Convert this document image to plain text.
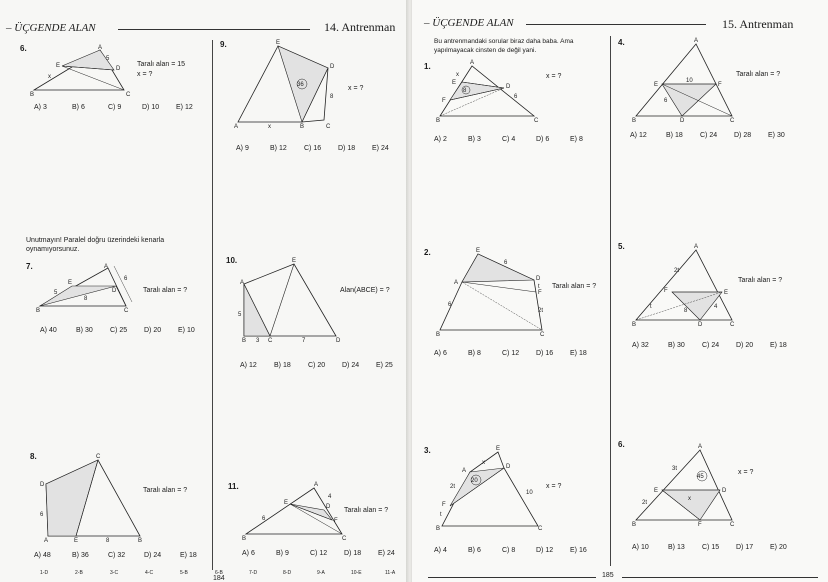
– ÜÇGENDE ALAN	14. Antrenman
6.	A
E	D
B	C
x
5
Taralı alan = 15
x = ?
A) 3	B) 6	C) 9	D) 10	E) 12
Unutmayın! Paralel doğru üzerindeki kenarla
oynamıyorsunuz.
7.	A
E
D
B	C
5
6
8
Taralı alan = ?
A) 40	B) 30	C) 25	D) 20	E) 10
8.	C
D
A	E	B
6
8
Taralı alan = ?
A) 48	B) 36	C) 32	D) 24	E) 18
9.	E
D
A	B	C
x
36
8
x = ?
A) 9	B) 12	C) 16	D) 18	E) 24
10.	E
A
B	C	D
5
3	7
Alan(ABCE) = ?
A) 12	B) 18	C) 20	D) 24	E) 25
11.	A
E
D
F
B	C
6
4
Taralı alan = ?
A) 6	B) 9	C) 12	D) 18	E) 24
1-D	2-B	3-C	4-C	5-B	6-B	7-D	8-D	9-A	10-E	11-A
184
– ÜÇGENDE ALAN	15. Antrenman
Bu antrenmandaki sorular biraz daha baba. Ama
yapılmayacak cinsten de değil yani.
1.	A
x
E
D
F
B	C
8
6
x = ?
A) 2	B) 3	C) 4	D) 6	E) 8
2.	E
D
A
F
B	C
6
6
2t
t Taralı alan = ?
A) 6	B) 8	C) 12	D) 16	E) 18
3.	E
A
x
D
F
B	C
20
10
2t
t
x = ?
A) 4	B) 6	C) 8	D) 12	E) 16
4.	A
E	F
B	D	C
10
6
Taralı alan = ?
A) 12	B) 18	C) 24	D) 28	E) 30
5.	A
2t
F	E
t
B	D	C
8
4
Taralı alan = ?
A) 32	B) 30	C) 24	D) 20	E) 18
6.	A
3t
E	D
2t
x
B	F	C
45
x = ?
A) 10	B) 13	C) 15	D) 17	E) 20
185
